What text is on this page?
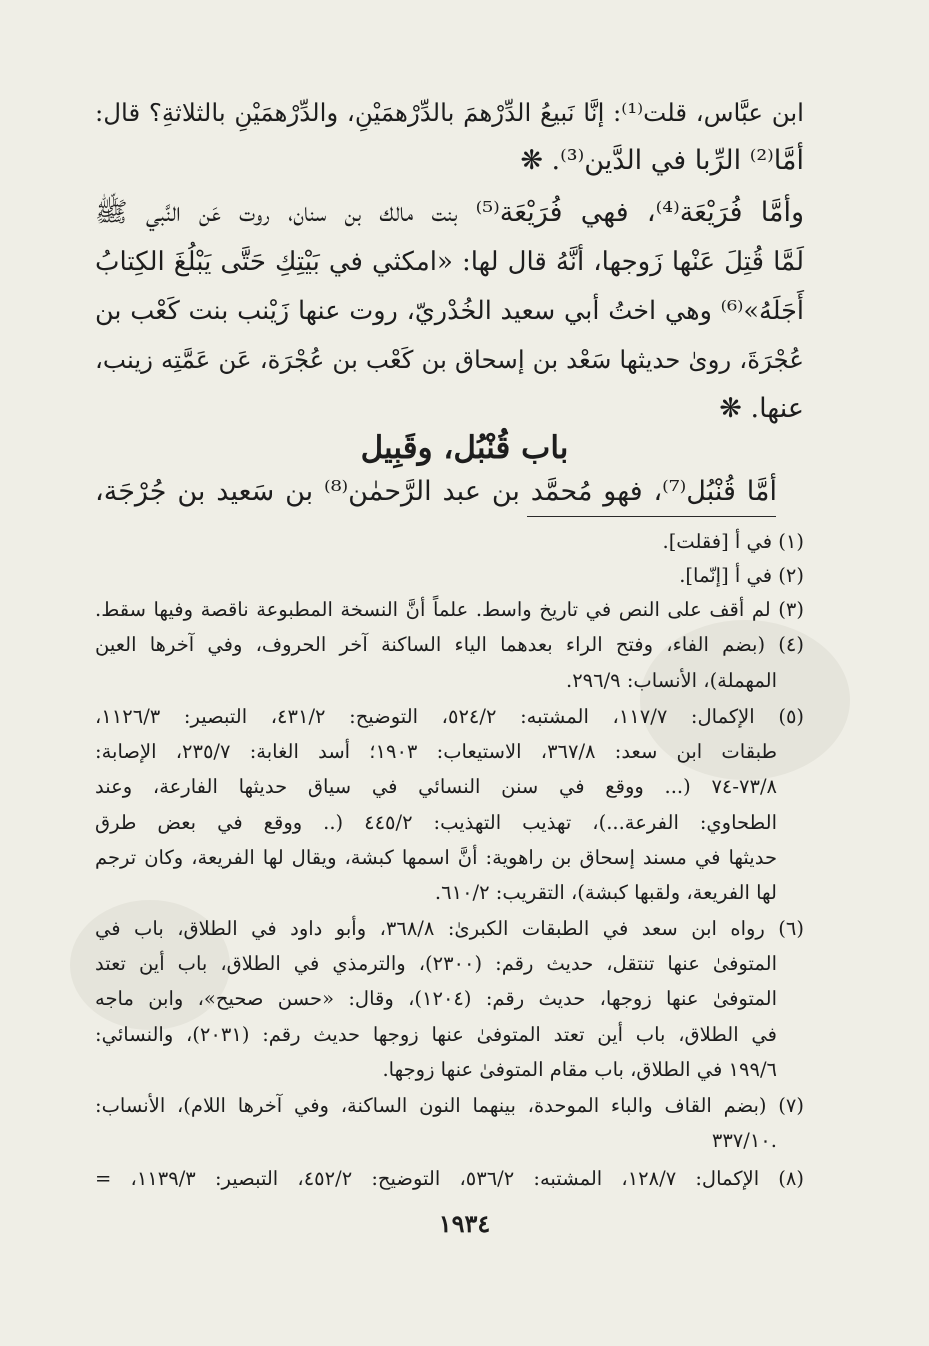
ابن عبَّاس، قلت⁽¹⁾: إنَّا نَبيعُ الدِّرْهمَ بالدِّرْهمَيْنِ، والدِّرْهمَيْنِ بالثلاثةِ؟ قال:
أمَّا⁽²⁾ الرِّبا في الدَّين⁽³⁾. ❋
وأمَّا فُرَيْعَة⁽⁴⁾، فهي فُرَيْعَة⁽⁵⁾ بنت مالك بن سنان، روت عَن النَّبي ﷺ
لَمَّا قُتِلَ عَنْها زَوجها، أنَّهُ قال لها: «امكثي في بَيْتِكِ حَتَّى يَبْلُغَ الكِتابُ
أَجَلَهُ»⁽⁶⁾ وهي اختُ أبي سعيد الخُدْريّ، روت عنها زَيْنب بنت كَعْب بن
عُجْرَةَ، روىٰ حديثها سَعْد بن إسحاق بن كَعْب بن عُجْرَة، عَن عَمَّتِه زينب،
عنها. ❋
باب قُنْبُل، وقَبِيل
أمَّا قُنْبُل⁽⁷⁾، فهو مُحمَّد بن عبد الرَّحمٰن⁽⁸⁾ بن سَعيد بن جُرْجَة،
(١) في أ [فقلت].
(٢) في أ [إنّما].
(٣) لم أقف على النص في تاريخ واسط. علماً أنَّ النسخة المطبوعة ناقصة وفيها سقط.
(٤) (بضم الفاء، وفتح الراء بعدهما الياء الساكنة آخر الحروف، وفي آخرها العين
المهملة)، الأنساب: ٢٩٦/٩.
(٥) الإكمال: ١١٧/٧، المشتبه: ٥٢٤/٢، التوضيح: ٤٣١/٢، التبصير: ١١٢٦/٣،
طبقات ابن سعد: ٣٦٧/٨، الاستيعاب: ١٩٠٣؛ أسد الغابة: ٢٣٥/٧، الإصابة:
٧٣/٨-٧٤ (... ووقع في سنن النسائي في سياق حديثها الفارعة، وعند
الطحاوي: الفرعة...)، تهذيب التهذيب: ٤٤٥/٢ (.. ووقع في بعض طرق
حديثها في مسند إسحاق بن راهوية: أنَّ اسمها كبشة، ويقال لها الفريعة، وكان ترجم
لها الفريعة، ولقبها كبشة)، التقريب: ٦١٠/٢.
(٦) رواه ابن سعد في الطبقات الكبرىٰ: ٣٦٨/٨، وأبو داود في الطلاق، باب في
المتوفىٰ عنها تنتقل، حديث رقم: (٢٣٠٠)، والترمذي في الطلاق، باب أين تعتد
المتوفىٰ عنها زوجها، حديث رقم: (١٢٠٤)، وقال: «حسن صحيح»، وابن ماجه
في الطلاق، باب أين تعتد المتوفىٰ عنها زوجها حديث رقم: (٢٠٣١)، والنسائي:
١٩٩/٦ في الطلاق، باب مقام المتوفىٰ عنها زوجها.
(٧) (بضم القاف والباء الموحدة، بينهما النون الساكنة، وفي آخرها اللام)، الأنساب:
.٣٣٧/١٠
(٨) الإكمال: ١٢٨/٧، المشتبه: ٥٣٦/٢، التوضيح: ٤٥٢/٢، التبصير: ١١٣٩/٣، =
١٩٣٤
